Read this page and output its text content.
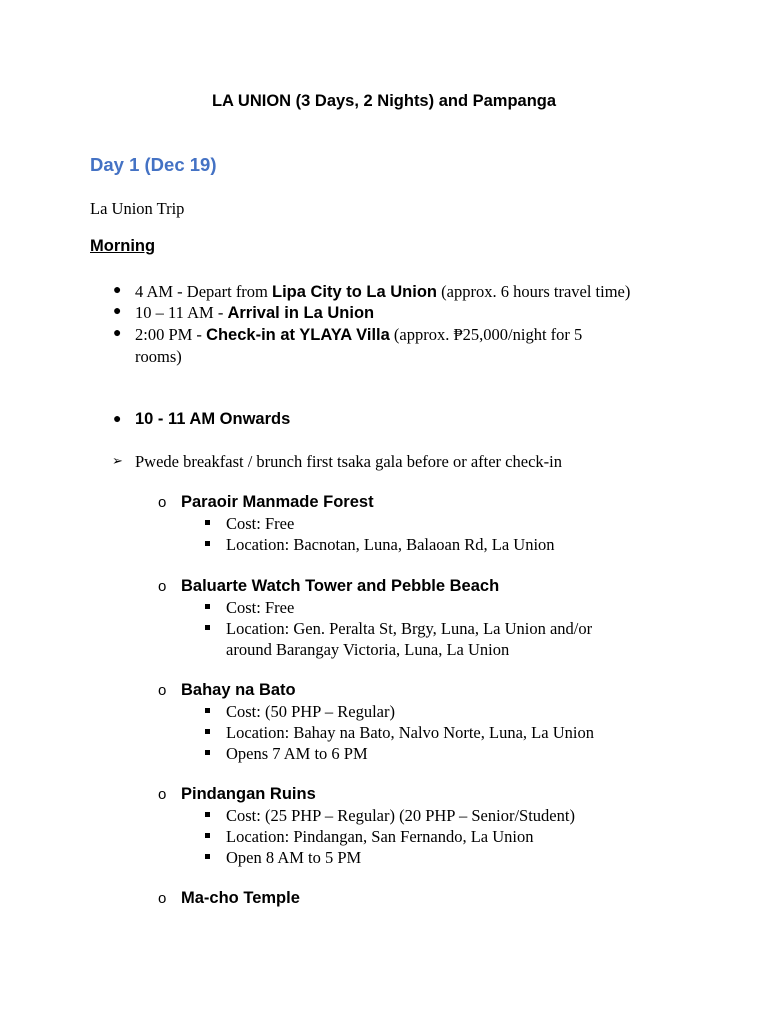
LA UNION (3 Days, 2 Nights) and Pampanga
Day 1 (Dec 19)
La Union Trip
Morning
● 4 AM - Depart from Lipa City to La Union (approx. 6 hours travel time)
● 10 – 11 AM - Arrival in La Union
● 2:00 PM - Check-in at YLAYA Villa (approx. ₱25,000/night for 5
rooms)
● 10 - 11 AM Onwards
➢ Pwede breakfast / brunch first tsaka gala before or after check-in
o Paraoir Manmade Forest
Cost: Free
Location: Bacnotan, Luna, Balaoan Rd, La Union
o Baluarte Watch Tower and Pebble Beach
Cost: Free
Location: Gen. Peralta St, Brgy, Luna, La Union and/or
around Barangay Victoria, Luna, La Union
o Bahay na Bato
Cost: (50 PHP – Regular)
Location: Bahay na Bato, Nalvo Norte, Luna, La Union
Opens 7 AM to 6 PM
o Pindangan Ruins
Cost: (25 PHP – Regular) (20 PHP – Senior/Student)
Location: Pindangan, San Fernando, La Union
Open 8 AM to 5 PM
o Ma-cho Temple
